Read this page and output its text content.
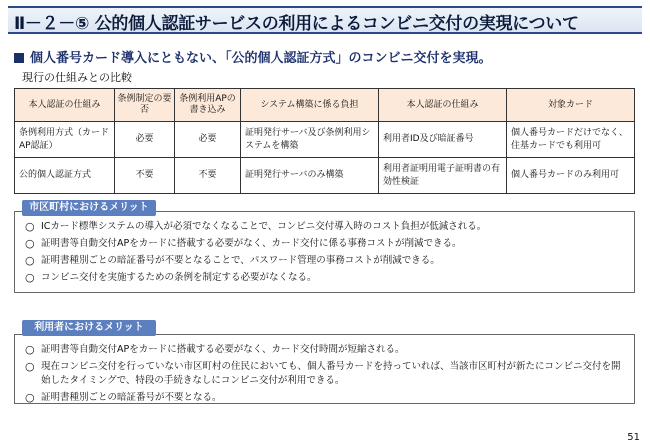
Ⅱ－２－⑤ 公的個人認証サービスの利用によるコンビニ交付の実現について
個人番号カード導入にともない、「公的個人認証方式」のコンビニ交付を実現。
現行の仕組みとの比較
本人認証の仕組み	条例制定の要否	条例利用APの書き込み	システム構築に係る負担	本人認証の仕組み	対象カード
条例利用方式（カードAP認証）	必要	必要	証明発行サーバ及び条例利用システムを構築	利用者ID及び暗証番号	個人番号カードだけでなく、住基カードでも利用可
公的個人認証方式	不要	不要	証明発行サーバのみ構築	利用者証明用電子証明書の有効性検証	個人番号カードのみ利用可
○ ICカード標準システムの導入が必須でなくなることで、コンビニ交付導入時のコスト負担が低減される。
○ 証明書等自動交付APをカードに搭載する必要がなく、カード交付に係る事務コストが削減できる。
○ 証明書種別ごとの暗証番号が不要となることで、パスワード管理の事務コストが削減できる。
○ コンビニ交付を実施するための条例を制定する必要がなくなる。
市区町村におけるメリット
○ 証明書等自動交付APをカードに搭載する必要がなく、カード交付時間が短縮される。
○ 現在コンビニ交付を行っていない市区町村の住民においても、個人番号カードを持っていれば、当該市区町村が新たにコンビニ交付を開始したタイミングで、特段の手続きなしにコンビニ交付が利用できる。
○ 証明書種別ごとの暗証番号が不要となる。
利用者におけるメリット
51
